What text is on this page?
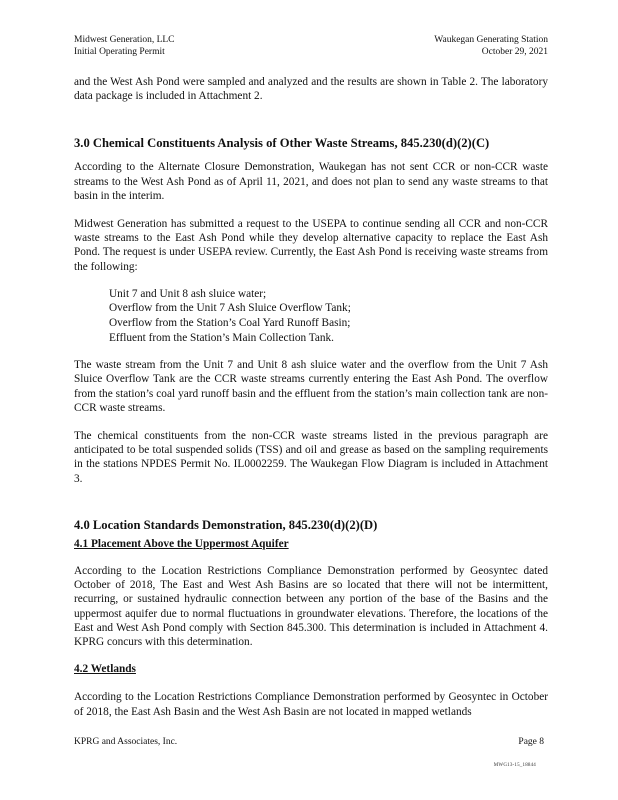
Midwest Generation, LLC
Initial Operating Permit
Waukegan Generating Station
October 29, 2021

and the West Ash Pond were sampled and analyzed and the results are shown in Table 2. The laboratory data package is included in Attachment 2.

3.0 Chemical Constituents Analysis of Other Waste Streams, 845.230(d)(2)(C)

According to the Alternate Closure Demonstration, Waukegan has not sent CCR or non-CCR waste streams to the West Ash Pond as of April 11, 2021, and does not plan to send any waste streams to that basin in the interim.

Midwest Generation has submitted a request to the USEPA to continue sending all CCR and non-CCR waste streams to the East Ash Pond while they develop alternative capacity to replace the East Ash Pond. The request is under USEPA review. Currently, the East Ash Pond is receiving waste streams from the following:

Unit 7 and Unit 8 ash sluice water;
Overflow from the Unit 7 Ash Sluice Overflow Tank;
Overflow from the Station’s Coal Yard Runoff Basin;
Effluent from the Station’s Main Collection Tank.

The waste stream from the Unit 7 and Unit 8 ash sluice water and the overflow from the Unit 7 Ash Sluice Overflow Tank are the CCR waste streams currently entering the East Ash Pond. The overflow from the station’s coal yard runoff basin and the effluent from the station’s main collection tank are non-CCR waste streams.

The chemical constituents from the non-CCR waste streams listed in the previous paragraph are anticipated to be total suspended solids (TSS) and oil and grease as based on the sampling requirements in the stations NPDES Permit No. IL0002259. The Waukegan Flow Diagram is included in Attachment 3.

4.0 Location Standards Demonstration, 845.230(d)(2)(D)
4.1 Placement Above the Uppermost Aquifer

According to the Location Restrictions Compliance Demonstration performed by Geosyntec dated October of 2018, The East and West Ash Basins are so located that there will not be intermittent, recurring, or sustained hydraulic connection between any portion of the base of the Basins and the uppermost aquifer due to normal fluctuations in groundwater elevations. Therefore, the locations of the East and West Ash Pond comply with Section 845.300. This determination is included in Attachment 4. KPRG concurs with this determination.

4.2 Wetlands

According to the Location Restrictions Compliance Demonstration performed by Geosyntec in October of 2018, the East Ash Basin and the West Ash Basin are not located in mapped wetlands

KPRG and Associates, Inc.	Page 8
MWG13-15_18844
